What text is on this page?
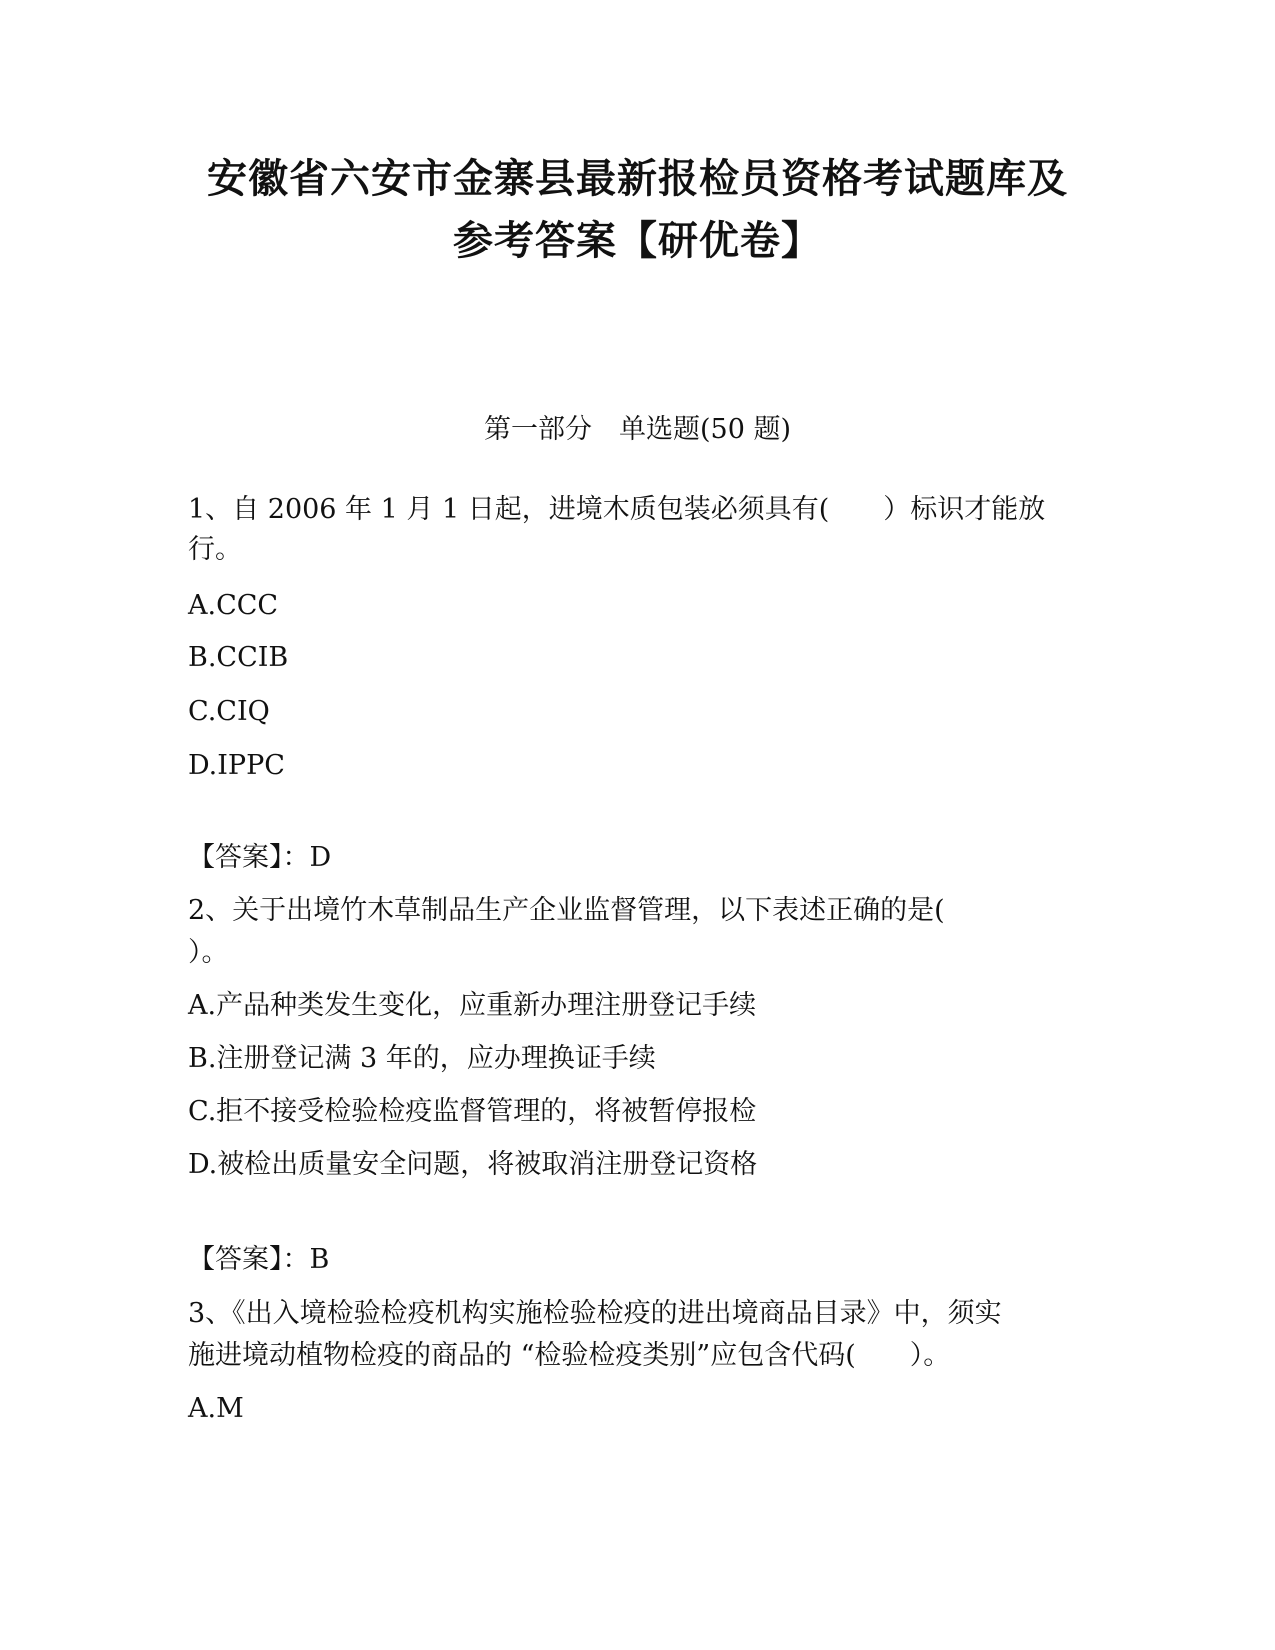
安徽省六安市金寨县最新报检员资格考试题库及
参考答案【研优卷】
第一部分　单选题(50 题)
1、自 2006 年 1 月 1 日起，进境木质包装必须具有(　　）标识才能放
行。
A.CCC
B.CCIB
C.CIQ
D.IPPC
【答案】：D
2、关于出境竹木草制品生产企业监督管理，以下表述正确的是(
）。
A.产品种类发生变化，应重新办理注册登记手续
B.注册登记满 3 年的，应办理换证手续
C.拒不接受检验检疫监督管理的，将被暂停报检
D.被检出质量安全问题，将被取消注册登记资格
【答案】：B
3、《出入境检验检疫机构实施检验检疫的进出境商品目录》中，须实
施进境动植物检疫的商品的 “检验检疫类别”应包含代码(　　）。
A.M
